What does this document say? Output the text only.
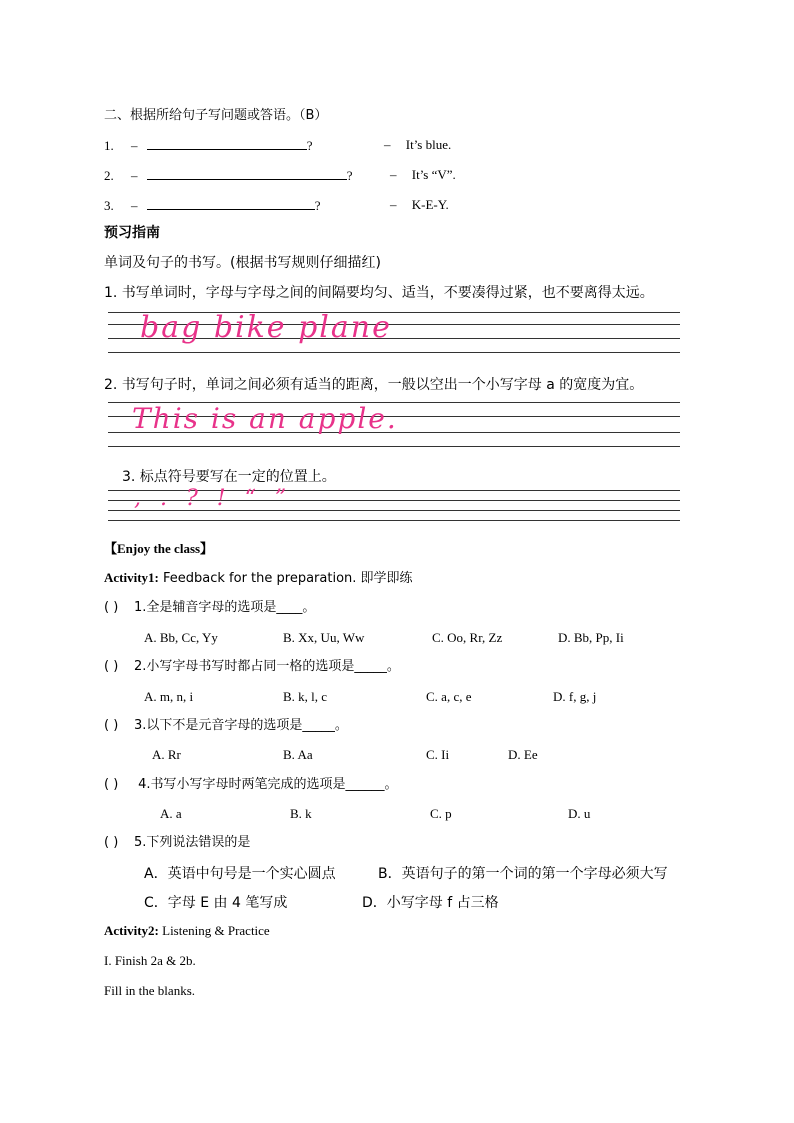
二、根据所给句子写问题或答语。（B）
1. –	?	– It’s blue.
2. –	?	– It’s “V”.
3. –	?	– K-E-Y.
预习指南
单词及句子的书写。(根据书写规则仔细描红)
1. 书写单词时，字母与字母之间的间隔要均匀、适当，不要凑得过紧，也不要离得太远。
bag bike plane
2. 书写句子时，单词之间必须有适当的距离，一般以空出一个小写字母 a 的宽度为宜。
This is an apple.
3. 标点符号要写在一定的位置上。
, . ? ! “ ”
【Enjoy the class】
Activity1: Feedback for the preparation. 即学即练
( ) 1.全是辅音字母的选项是____。
A. Bb, Cc, Yy	B. Xx, Uu, Ww	C. Oo, Rr, Zz	D. Bb, Pp, Ii
( ) 2.小写字母书写时都占同一格的选项是_____。
A. m, n, i	B. k, l, c	C. a, c, e	D. f, g, j
( ) 3.以下不是元音字母的选项是_____。
A. Rr	B. Aa	C. Ii	D. Ee
( ) 4.书写小写字母时两笔完成的选项是______。
A. a	B. k	C. p	D. u
( ) 5.下列说法错误的是
A．英语中句号是一个实心圆点	B．英语句子的第一个词的第一个字母必须大写
C．字母 E 由 4 笔写成	D．小写字母 f 占三格
Activity2: Listening & Practice
I. Finish 2a & 2b.
Fill in the blanks.
